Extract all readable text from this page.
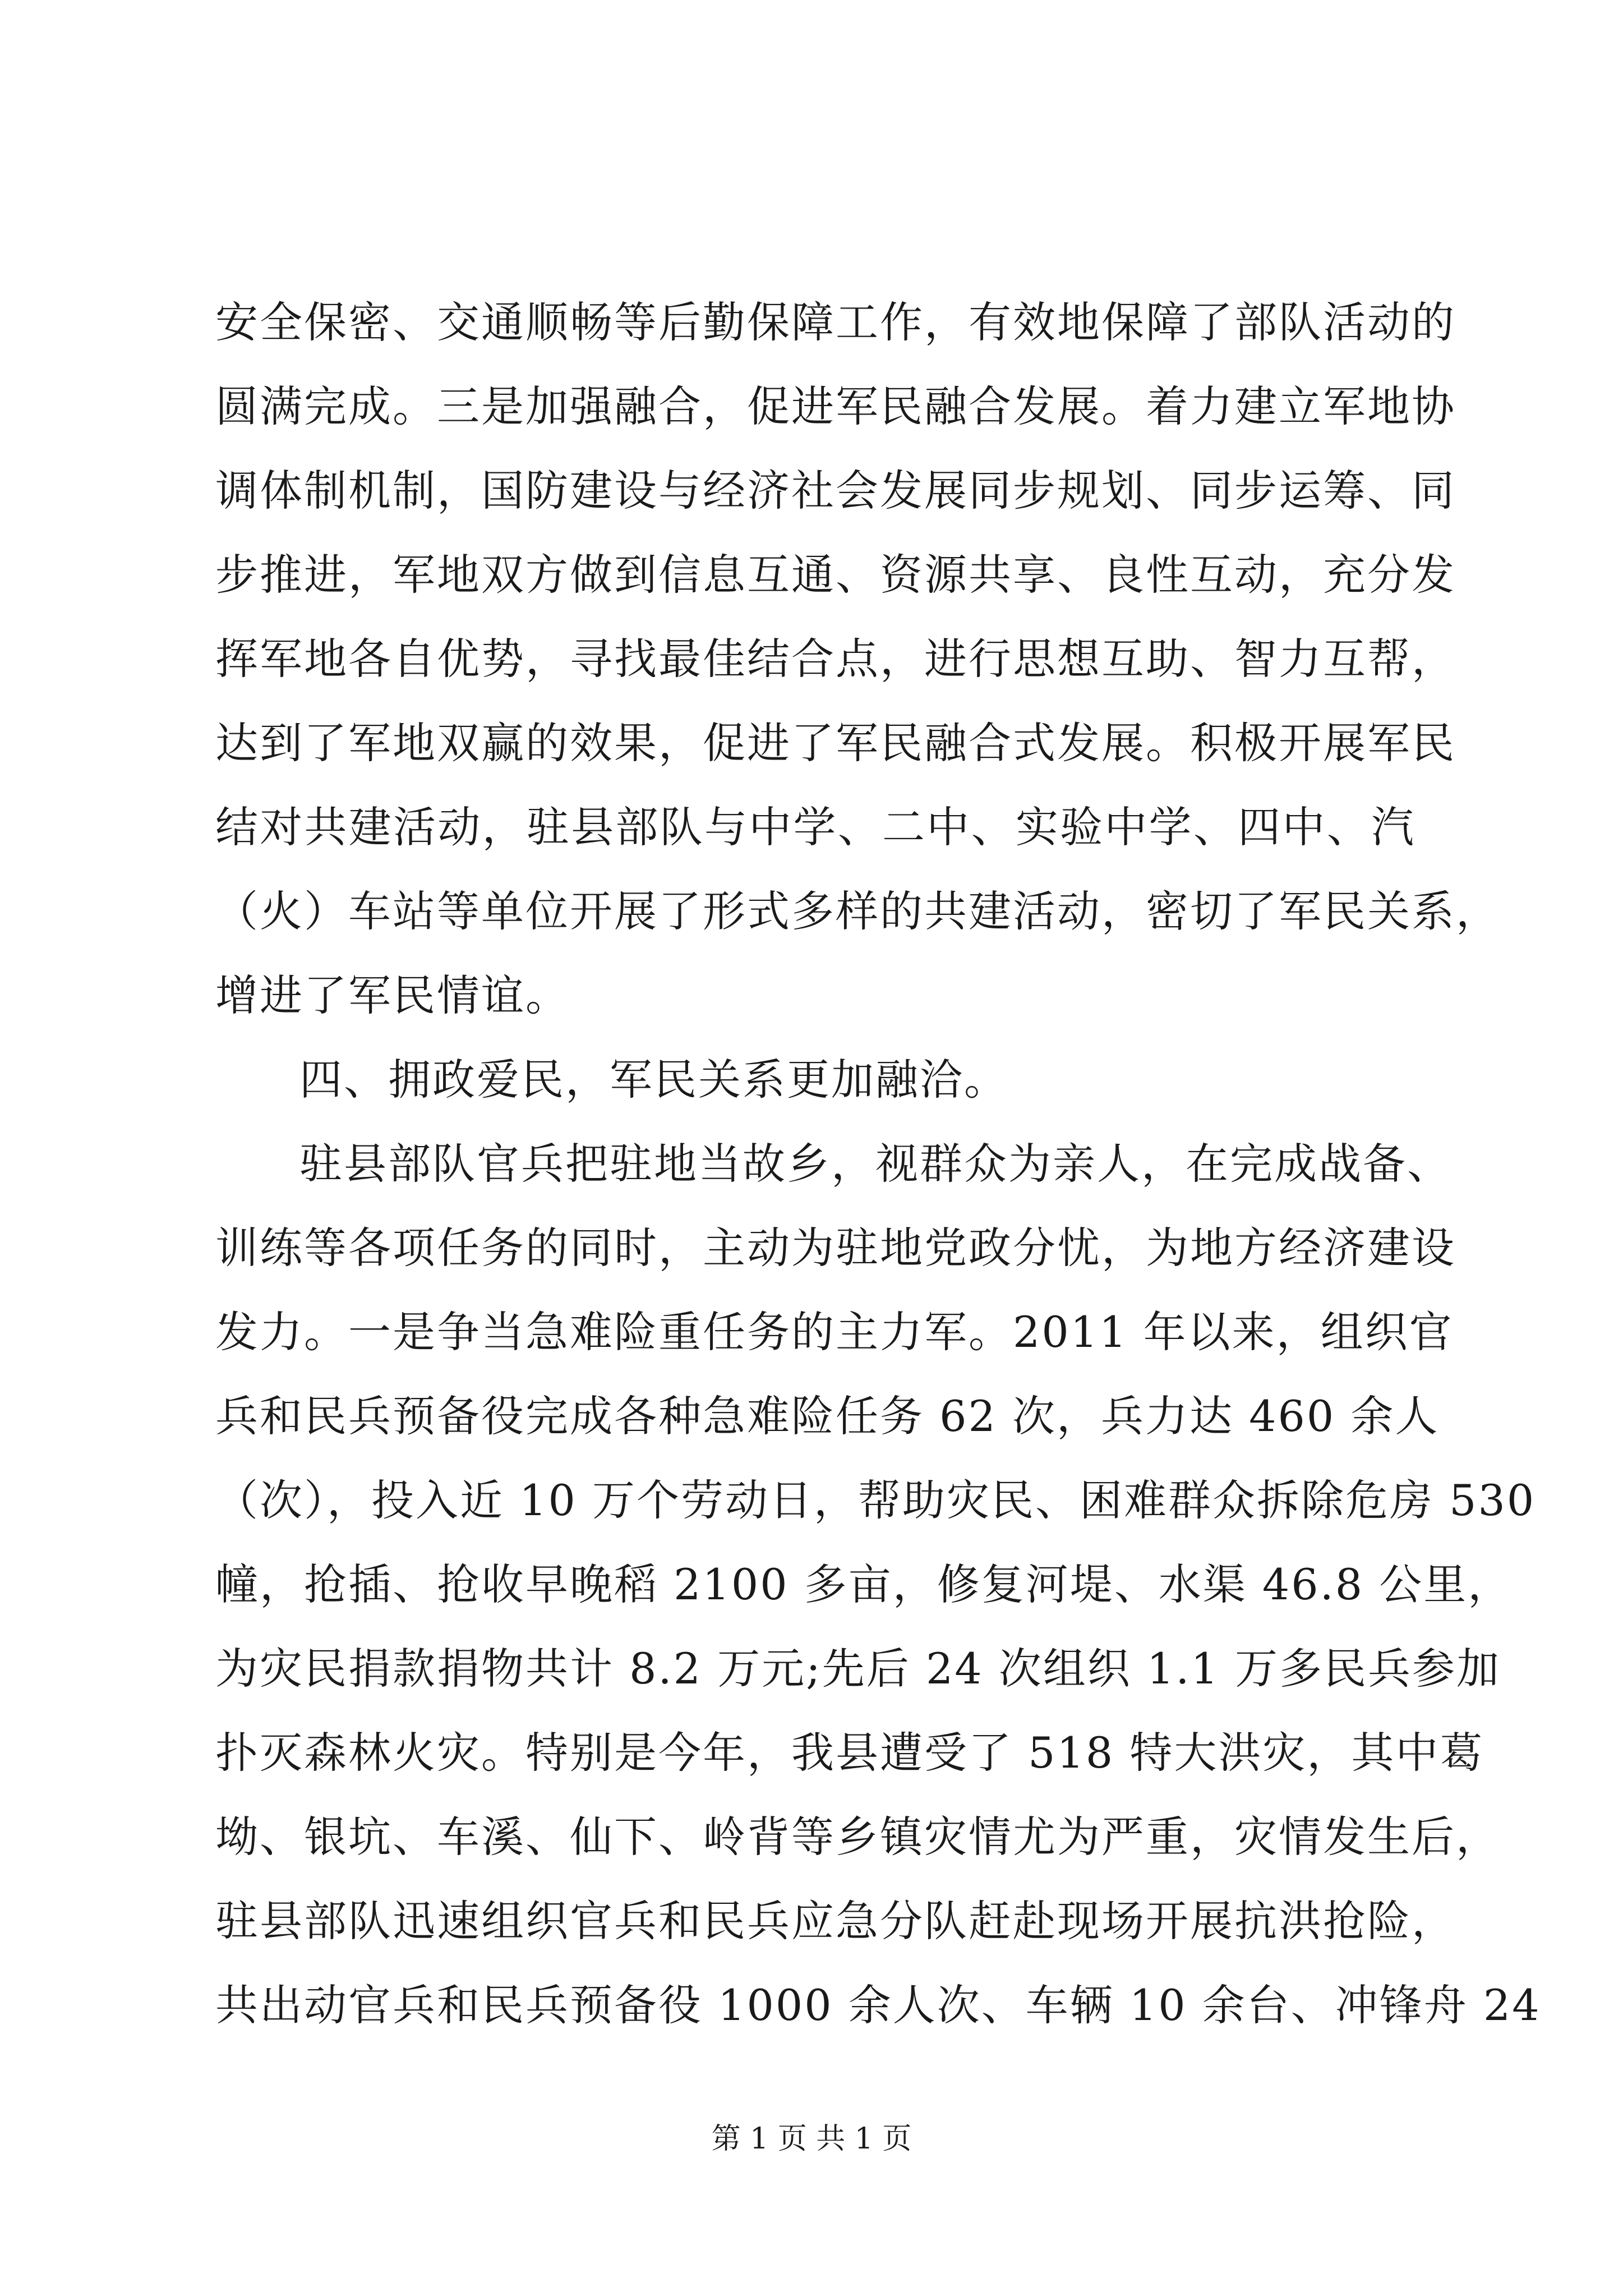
安全保密、交通顺畅等后勤保障工作，有效地保障了部队活动的
圆满完成。三是加强融合，促进军民融合发展。着力建立军地协
调体制机制，国防建设与经济社会发展同步规划、同步运筹、同
步推进，军地双方做到信息互通、资源共享、良性互动，充分发
挥军地各自优势，寻找最佳结合点，进行思想互助、智力互帮，
达到了军地双赢的效果，促进了军民融合式发展。积极开展军民
结对共建活动，驻县部队与中学、二中、实验中学、四中、汽
（火）车站等单位开展了形式多样的共建活动，密切了军民关系，
增进了军民情谊。
四、拥政爱民，军民关系更加融洽。
驻县部队官兵把驻地当故乡，视群众为亲人，在完成战备、
训练等各项任务的同时，主动为驻地党政分忧，为地方经济建设
发力。一是争当急难险重任务的主力军。2011 年以来，组织官
兵和民兵预备役完成各种急难险任务 62 次，兵力达 460 余人
（次），投入近 10 万个劳动日，帮助灾民、困难群众拆除危房 530
幢，抢插、抢收早晚稻 2100 多亩，修复河堤、水渠 46.8 公里，
为灾民捐款捐物共计 8.2 万元;先后 24 次组织 1.1 万多民兵参加
扑灭森林火灾。特别是今年，我县遭受了 518 特大洪灾，其中葛
坳、银坑、车溪、仙下、岭背等乡镇灾情尤为严重，灾情发生后，
驻县部队迅速组织官兵和民兵应急分队赶赴现场开展抗洪抢险，
共出动官兵和民兵预备役 1000 余人次、车辆 10 余台、冲锋舟 24
第 1 页 共 1 页
